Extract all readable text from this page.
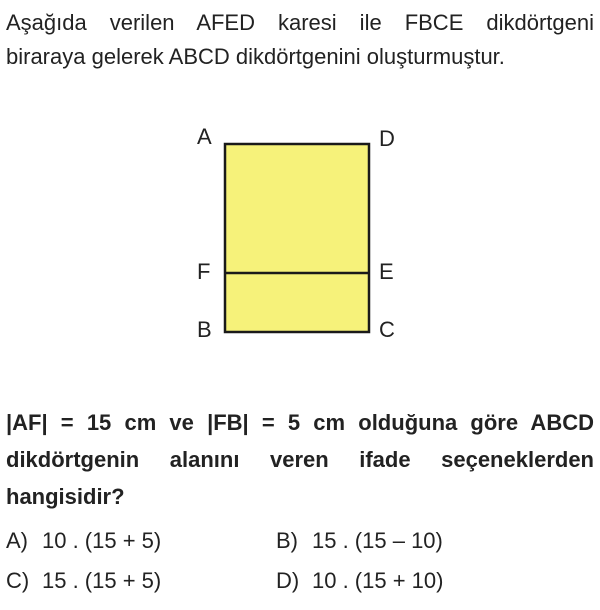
Aşağıda verilen AFED karesi ile FBCE dikdörtgeni
biraraya gelerek ABCD dikdörtgenini oluşturmuştur.
A	D
F	E
B	C
|AF| = 15 cm ve |FB| = 5 cm olduğuna göre ABCD
dikdörtgenin alanını veren ifade seçeneklerden
hangisidir?
A) 10 . (15 + 5)	B) 15 . (15 – 10)
C) 15 . (15 + 5)	D) 10 . (15 + 10)
